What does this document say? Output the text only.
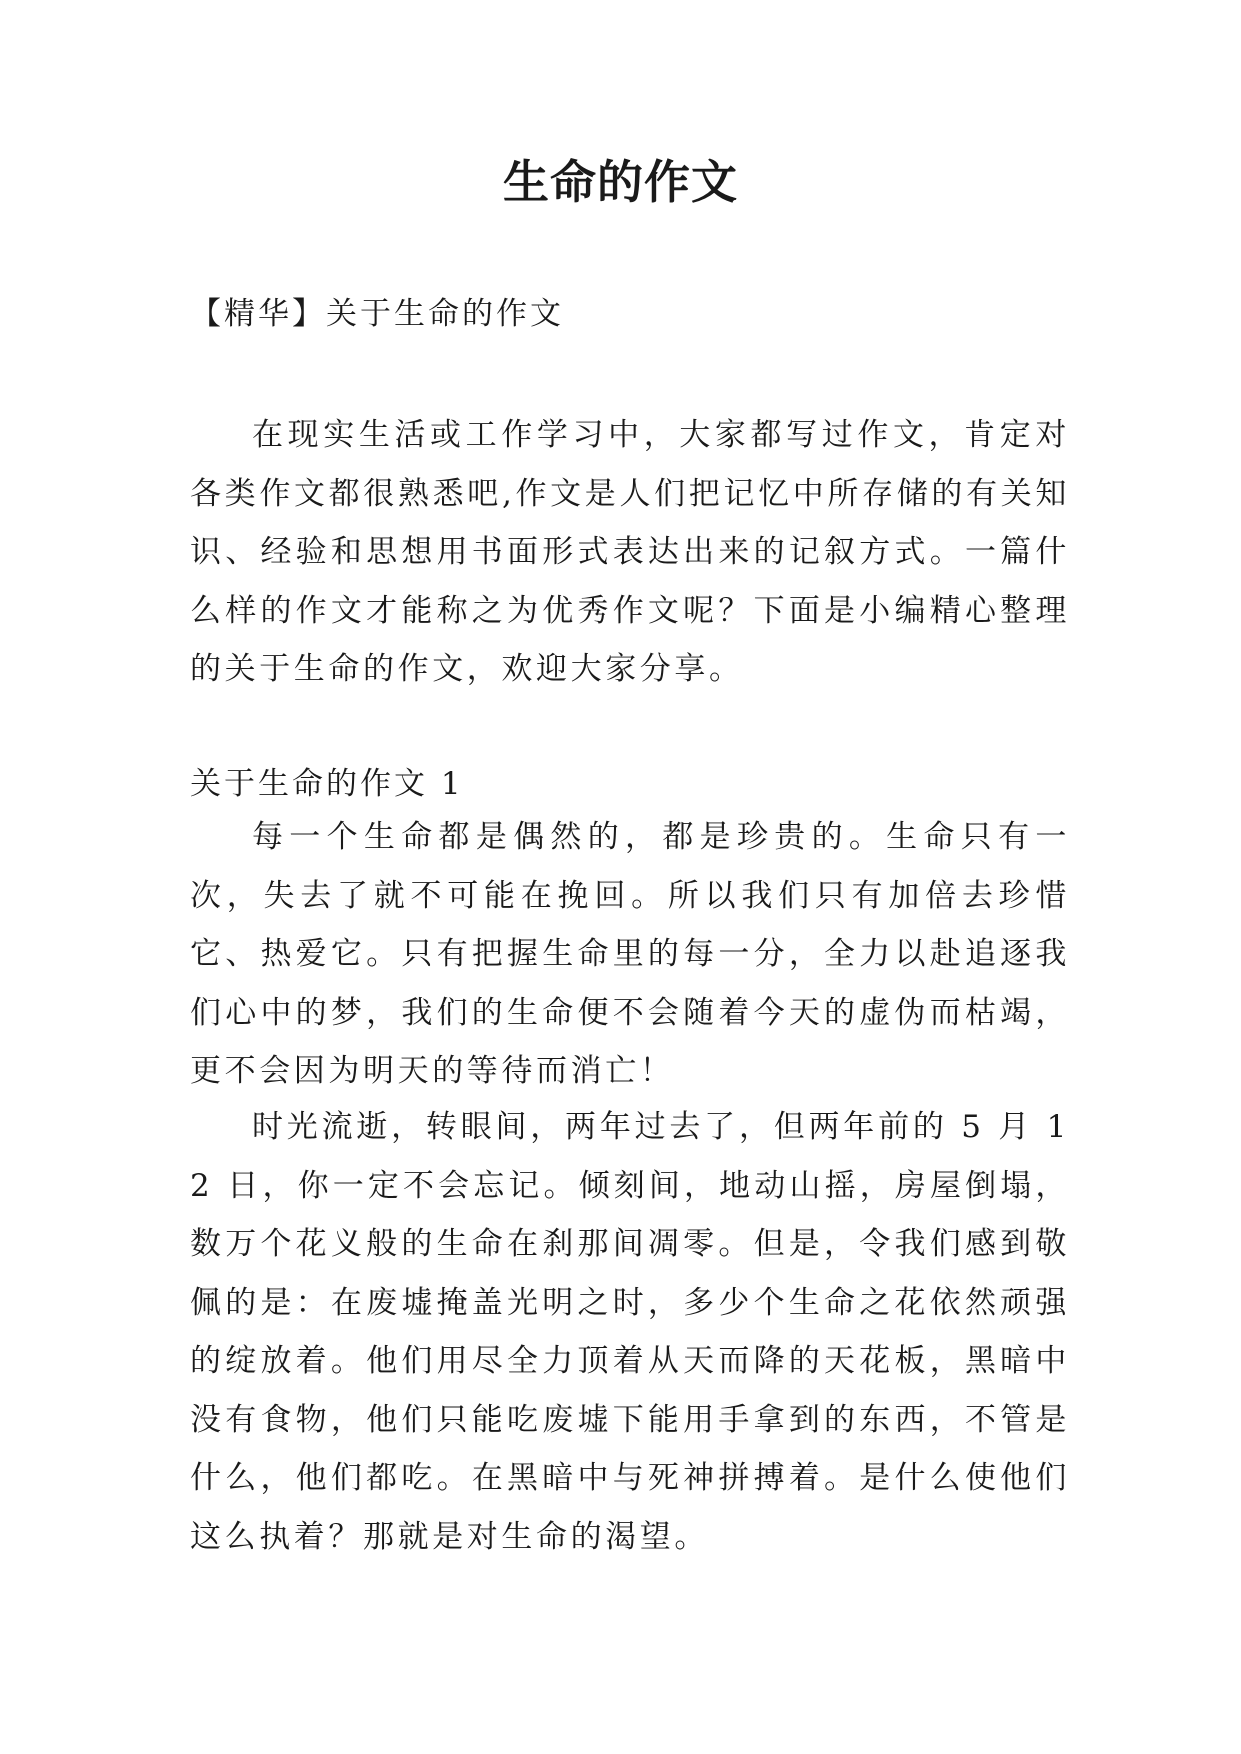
生命的作文
【精华】关于生命的作文

在现实生活或工作学习中，大家都写过作文，肯定对各类作文都很熟悉吧,作文是人们把记忆中所存储的有关知识、经验和思想用书面形式表达出来的记叙方式。一篇什么样的作文才能称之为优秀作文呢？下面是小编精心整理的关于生命的作文，欢迎大家分享。

关于生命的作文 1

每一个生命都是偶然的，都是珍贵的。生命只有一次，失去了就不可能在挽回。所以我们只有加倍去珍惜它、热爱它。只有把握生命里的每一分，全力以赴追逐我们心中的梦，我们的生命便不会随着今天的虚伪而枯竭，更不会因为明天的等待而消亡！

时光流逝，转眼间，两年过去了，但两年前的 5 月 12 日，你一定不会忘记。倾刻间，地动山摇，房屋倒塌，数万个花义般的生命在刹那间凋零。但是，令我们感到敬佩的是：在废墟掩盖光明之时，多少个生命之花依然顽强的绽放着。他们用尽全力顶着从天而降的天花板，黑暗中没有食物，他们只能吃废墟下能用手拿到的东西，不管是什么，他们都吃。在黑暗中与死神拼搏着。是什么使他们这么执着？那就是对生命的渴望。
